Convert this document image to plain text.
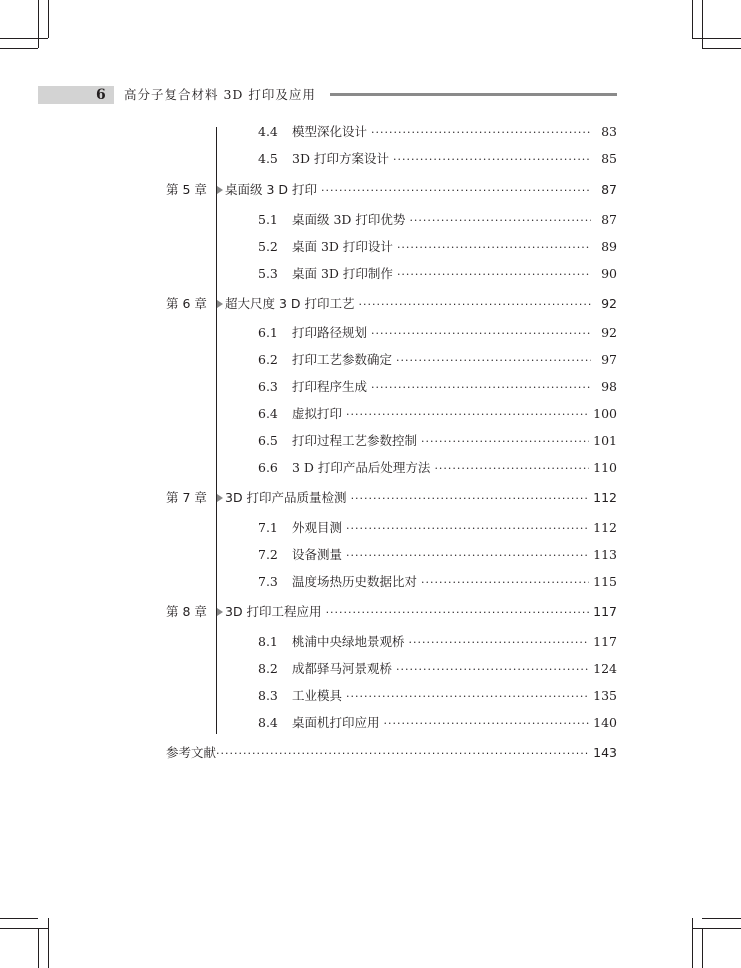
6 高分子复合材料 3D 打印及应用
4.4	模型深化设计 ·····	83
4.5	3D 打印方案设计 ·····	85
第 5 章	桌面级 3 D 打印 ·····	87
5.1	桌面级 3D 打印优势 ·····	87
5.2	桌面 3D 打印设计 ·····	89
5.3	桌面 3D 打印制作 ·····	90
第 6 章	超大尺度 3 D 打印工艺 ·····	92
6.1	打印路径规划 ·····	92
6.2	打印工艺参数确定 ·····	97
6.3	打印程序生成 ·····	98
6.4	虚拟打印 ·····	100
6.5	打印过程工艺参数控制 ·····	101
6.6	3 D 打印产品后处理方法 ·····	110
第 7 章	3D 打印产品质量检测 ·····	112
7.1	外观目测 ·····	112
7.2	设备测量 ·····	113
7.3	温度场热历史数据比对 ·····	115
第 8 章	3D 打印工程应用 ·····	117
8.1	桃浦中央绿地景观桥 ·····	117
8.2	成都驿马河景观桥 ·····	124
8.3	工业模具 ·····	135
8.4	桌面机打印应用 ·····	140
参考文献 ·····	143
